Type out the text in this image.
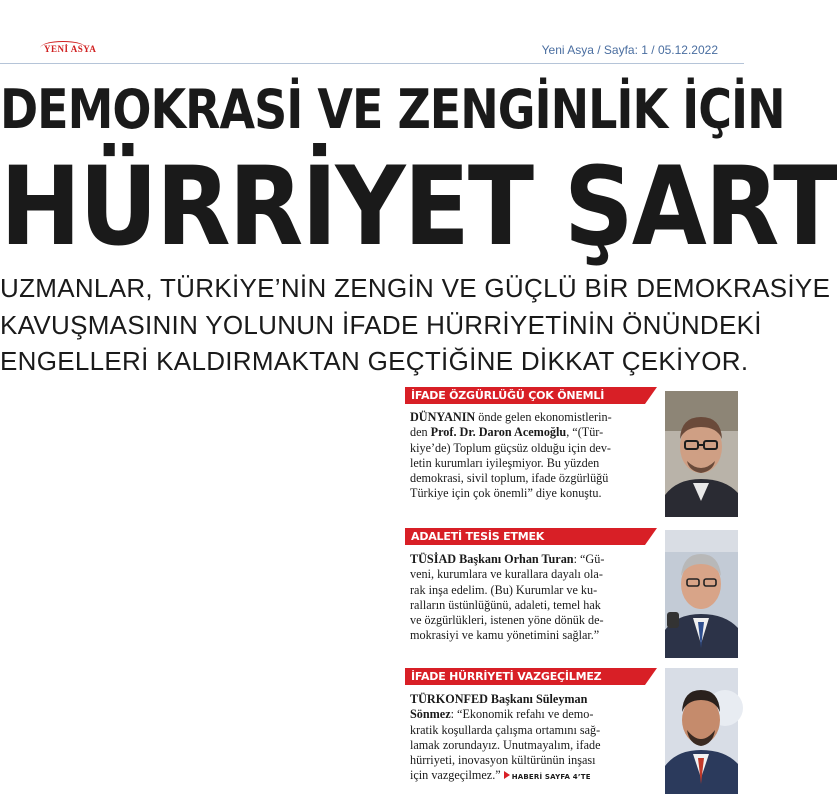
YENİ ASYA	Yeni Asya / Sayfa: 1 / 05.12.2022
DEMOKRASİ VE ZENGİNLİK İÇİN
HÜRRİYET ŞART
UZMANLAR, TÜRKİYE’NİN ZENGİN VE GÜÇLÜ BİR DEMOKRASİYE
KAVUŞMASININ YOLUNUN İFADE HÜRRİYETİNİN ÖNÜNDEKİ
ENGELLERİ KALDIRMAKTAN GEÇTİĞİNE DİKKAT ÇEKİYOR.
İFADE ÖZGÜRLÜĞÜ ÇOK ÖNEMLİ
DÜNYANIN önde gelen ekonomistlerin-
den Prof. Dr. Daron Acemoğlu, “(Tür-
kiye’de) Toplum güçsüz olduğu için dev-
letin kurumları iyileşmiyor. Bu yüzden
demokrasi, sivil toplum, ifade özgürlüğü
Türkiye için çok önemli” diye konuştu.
ADALETİ TESİS ETMEK
TÜSİAD Başkanı Orhan Turan: “Gü-
veni, kurumlara ve kurallara dayalı ola-
rak inşa edelim. (Bu) Kurumlar ve ku-
ralların üstünlüğünü, adaleti, temel hak
ve özgürlükleri, istenen yöne dönük de-
mokrasiyi ve kamu yönetimini sağlar.”
İFADE HÜRRİYETİ VAZGEÇİLMEZ
TÜRKONFED Başkanı Süleyman
Sönmez: “Ekonomik refahı ve demo-
kratik koşullarda çalışma ortamını sağ-
lamak zorundayız. Unutmayalım, ifade
hürriyeti, inovasyon kültürünün inşası
için vazgeçilmez.” HABERİ SAYFA 4’TE
